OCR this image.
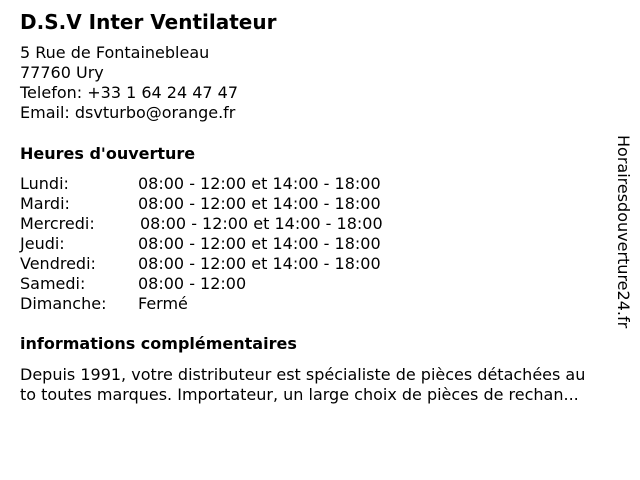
D.S.V Inter Ventilateur
5 Rue de Fontainebleau
77760 Ury
Telefon: +33 1 64 24 47 47
Email: dsvturbo@orange.fr
Heures d'ouverture
Lundi:	08:00 - 12:00 et 14:00 - 18:00
Mardi:	08:00 - 12:00 et 14:00 - 18:00
Mercredi:	08:00 - 12:00 et 14:00 - 18:00
Jeudi:	08:00 - 12:00 et 14:00 - 18:00
Vendredi:	08:00 - 12:00 et 14:00 - 18:00
Samedi:	08:00 - 12:00
Dimanche: Fermé
informations complémentaires
Depuis 1991, votre distributeur est spécialiste de pièces détachées au
to toutes marques. Importateur, un large choix de pièces de rechan...
Horairesdouverture24.fr
